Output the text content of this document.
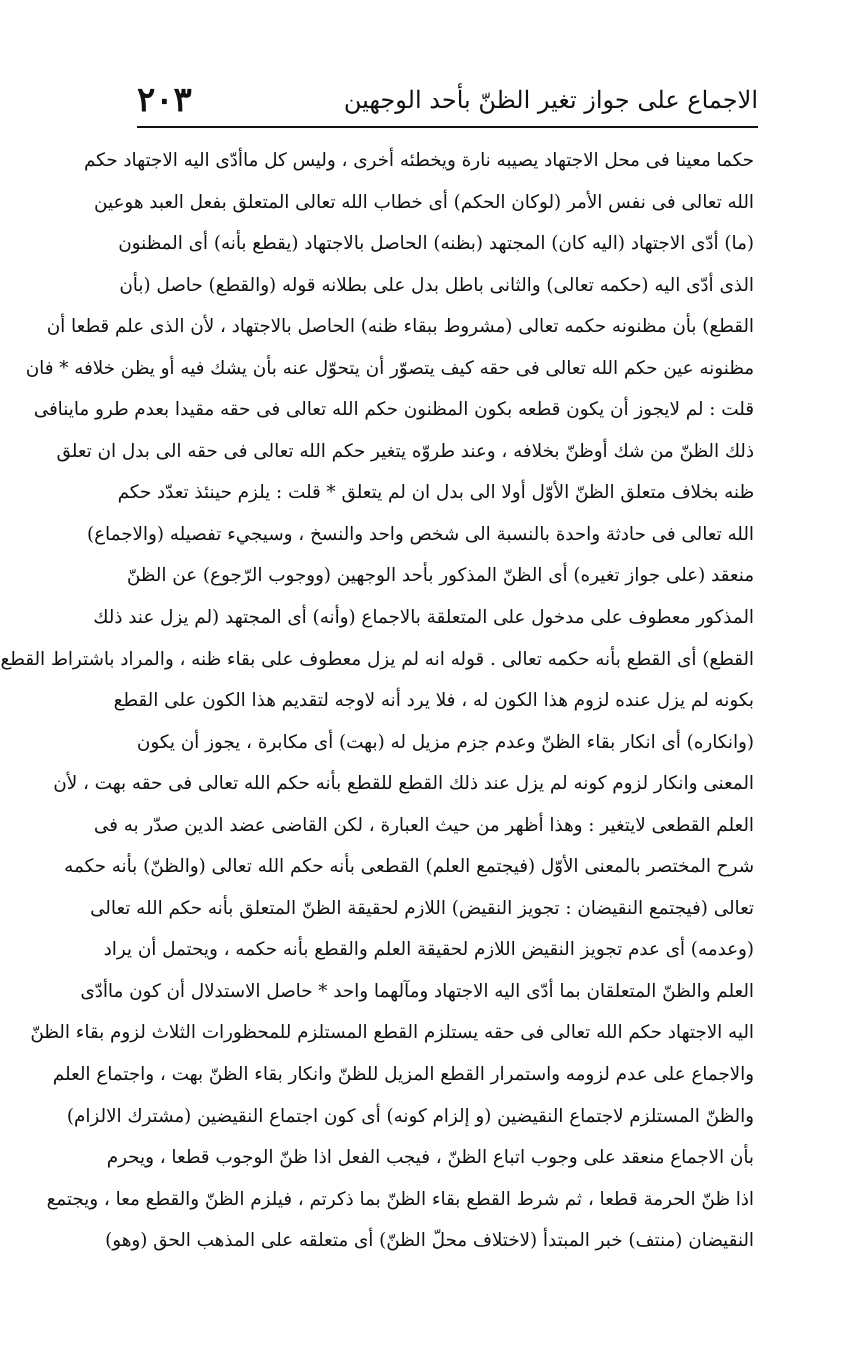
٢٠٣	الاجماع على جواز تغير الظنّ بأحد الوجهين
حكما معينا فى محل الاجتهاد يصيبه نارة ويخطئه أخرى ، وليس كل ماأدّى اليه الاجتهاد حكم
الله تعالى فى نفس الأمر (لوكان الحكم) أى خطاب الله تعالى المتعلق بفعل العبد هوعين
(ما) أدّى الاجتهاد (اليه كان) المجتهد (بظنه) الحاصل بالاجتهاد (يقطع بأنه) أى المظنون
الذى أدّى اليه (حكمه تعالى) والثانى باطل بدل على بطلانه قوله (والقطع) حاصل (بأن
القطع) بأن مظنونه حكمه تعالى (مشروط ببقاء ظنه) الحاصل بالاجتهاد ، لأن الذى علم قطعا أن
مظنونه عين حكم الله تعالى فى حقه كيف يتصوّر أن يتحوّل عنه بأن يشك فيه أو يظن خلافه * فان
قلت : لم لايجوز أن يكون قطعه بكون المظنون حكم الله تعالى فى حقه مقيدا بعدم طرو ماينافى
ذلك الظنّ من شك أوظنّ بخلافه ، وعند طروّه يتغير حكم الله تعالى فى حقه الى بدل ان تعلق
ظنه بخلاف متعلق الظنّ الأوّل أولا الى بدل ان لم يتعلق * قلت : يلزم حينئذ تعدّد حكم
الله تعالى فى حادثة واحدة بالنسبة الى شخص واحد والنسخ ، وسيجيء تفصيله (والاجماع)
منعقد (على جواز تغيره) أى الظنّ المذكور بأحد الوجهين (ووجوب الرّجوع) عن الظنّ
المذكور معطوف على مدخول على المتعلقة بالاجماع (وأنه) أى المجتهد (لم يزل عند ذلك
القطع) أى القطع بأنه حكمه تعالى . قوله انه لم يزل معطوف على بقاء ظنه ، والمراد باشتراط القطع
بكونه لم يزل عنده لزوم هذا الكون له ، فلا يرد أنه لاوجه لتقديم هذا الكون على القطع
(وانكاره) أى انكار بقاء الظنّ وعدم جزم مزيل له (بهت) أى مكابرة ، يجوز أن يكون
المعنى وانكار لزوم كونه لم يزل عند ذلك القطع للقطع بأنه حكم الله تعالى فى حقه بهت ، لأن
العلم القطعى لايتغير : وهذا أظهر من حيث العبارة ، لكن القاضى عضد الدين صدّر به فى
شرح المختصر بالمعنى الأوّل (فيجتمع العلم) القطعى بأنه حكم الله تعالى (والظنّ) بأنه حكمه
تعالى (فيجتمع النقيضان : تجويز النقيض) اللازم لحقيقة الظنّ المتعلق بأنه حكم الله تعالى
(وعدمه) أى عدم تجويز النقيض اللازم لحقيقة العلم والقطع بأنه حكمه ، ويحتمل أن يراد
العلم والظنّ المتعلقان بما أدّى اليه الاجتهاد ومآلهما واحد * حاصل الاستدلال أن كون ماأدّى
اليه الاجتهاد حكم الله تعالى فى حقه يستلزم القطع المستلزم للمحظورات الثلاث لزوم بقاء الظنّ
والاجماع على عدم لزومه واستمرار القطع المزيل للظنّ وانكار بقاء الظنّ بهت ، واجتماع العلم
والظنّ المستلزم لاجتماع النقيضين (و إلزام كونه) أى كون اجتماع النقيضين (مشترك الالزام)
بأن الاجماع منعقد على وجوب اتباع الظنّ ، فيجب الفعل اذا ظنّ الوجوب قطعا ، ويحرم
اذا ظنّ الحرمة قطعا ، ثم شرط القطع بقاء الظنّ بما ذكرتم ، فيلزم الظنّ والقطع معا ، ويجتمع
النقيضان (منتف) خبر المبتدأ (لاختلاف محلّ الظنّ) أى متعلقه على المذهب الحق (وهو)
